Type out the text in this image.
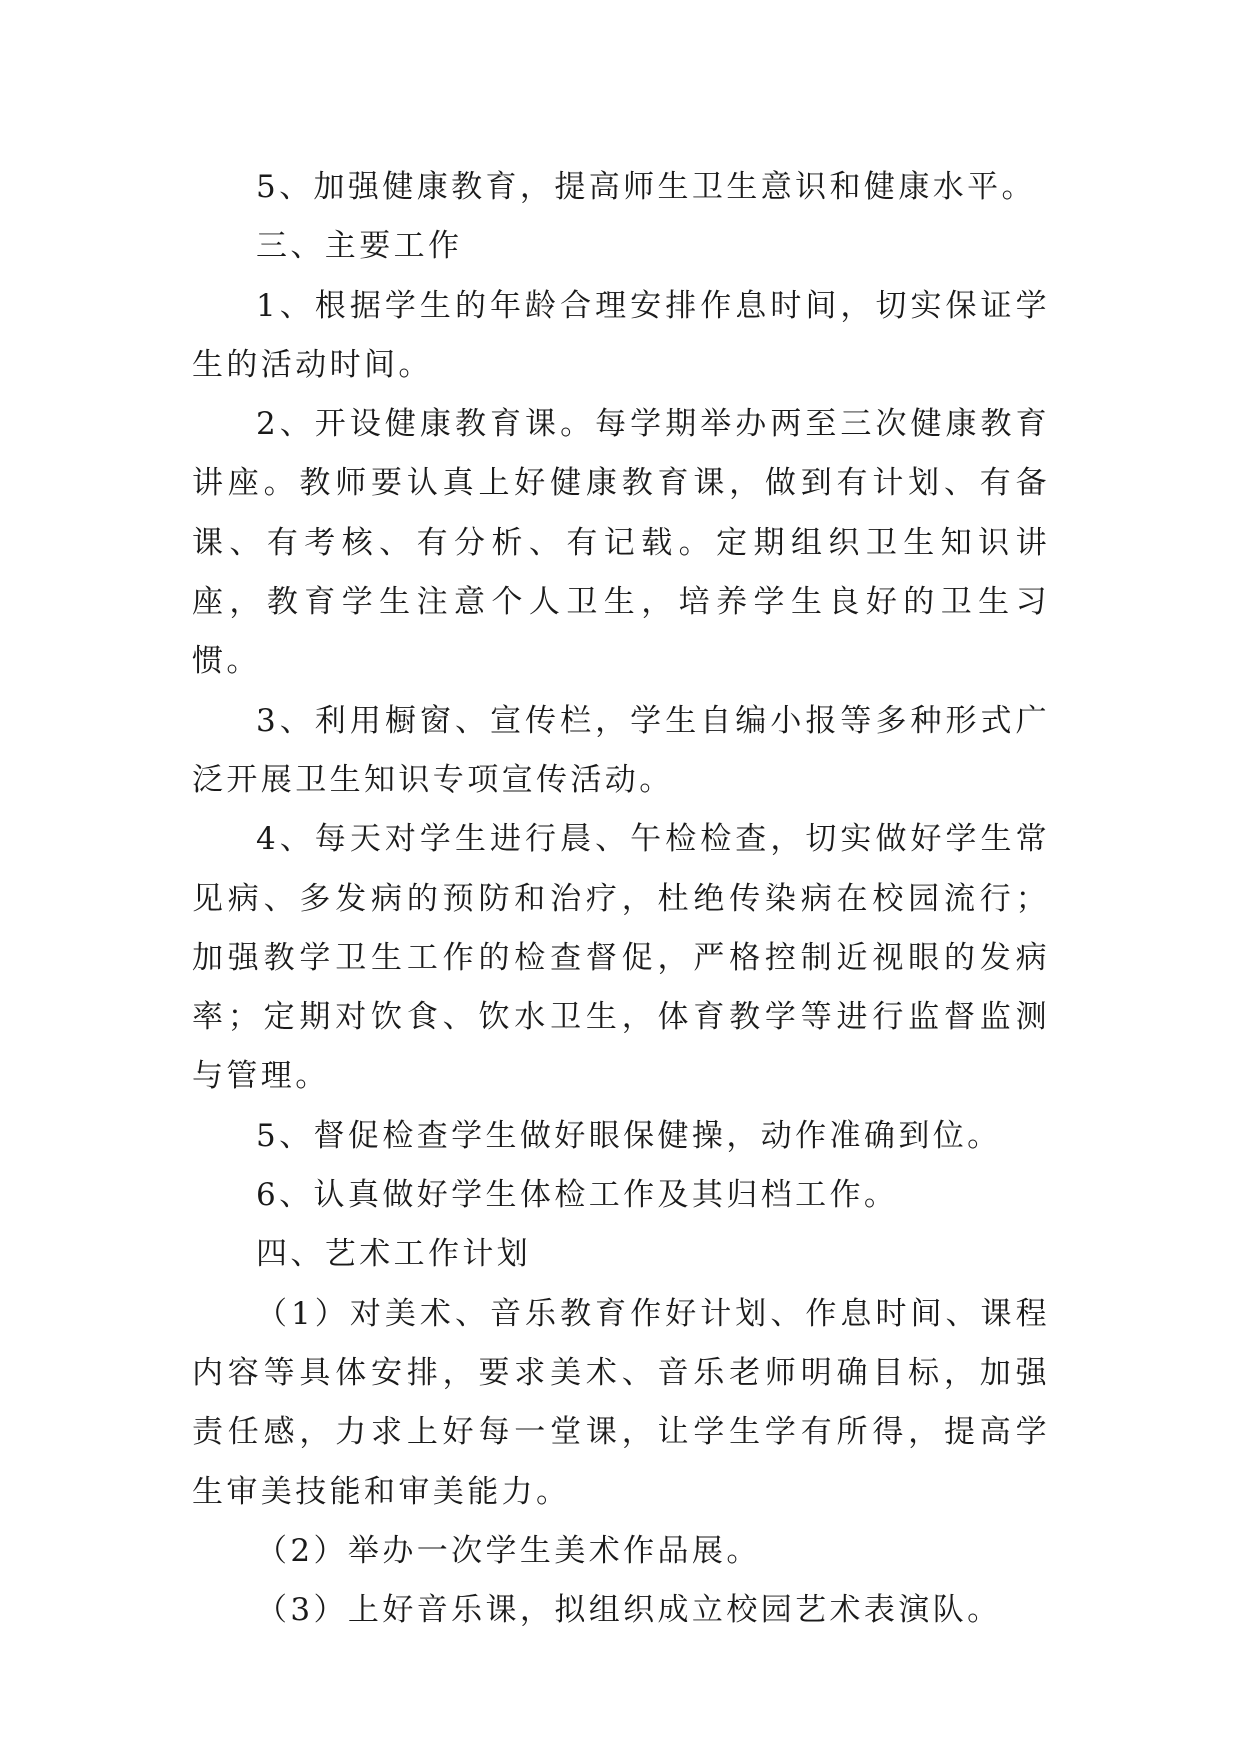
5、加强健康教育，提高师生卫生意识和健康水平。

三、主要工作

1、根据学生的年龄合理安排作息时间，切实保证学生的活动时间。

2、开设健康教育课。每学期举办两至三次健康教育讲座。教师要认真上好健康教育课，做到有计划、有备课、有考核、有分析、有记载。定期组织卫生知识讲座，教育学生注意个人卫生，培养学生良好的卫生习惯。

3、利用橱窗、宣传栏，学生自编小报等多种形式广泛开展卫生知识专项宣传活动。

4、每天对学生进行晨、午检检查，切实做好学生常见病、多发病的预防和治疗，杜绝传染病在校园流行；加强教学卫生工作的检查督促，严格控制近视眼的发病率；定期对饮食、饮水卫生，体育教学等进行监督监测与管理。

5、督促检查学生做好眼保健操，动作准确到位。

6、认真做好学生体检工作及其归档工作。

四、艺术工作计划

（1）对美术、音乐教育作好计划、作息时间、课程内容等具体安排，要求美术、音乐老师明确目标，加强责任感，力求上好每一堂课，让学生学有所得，提高学生审美技能和审美能力。

（2）举办一次学生美术作品展。

（3）上好音乐课，拟组织成立校园艺术表演队。
